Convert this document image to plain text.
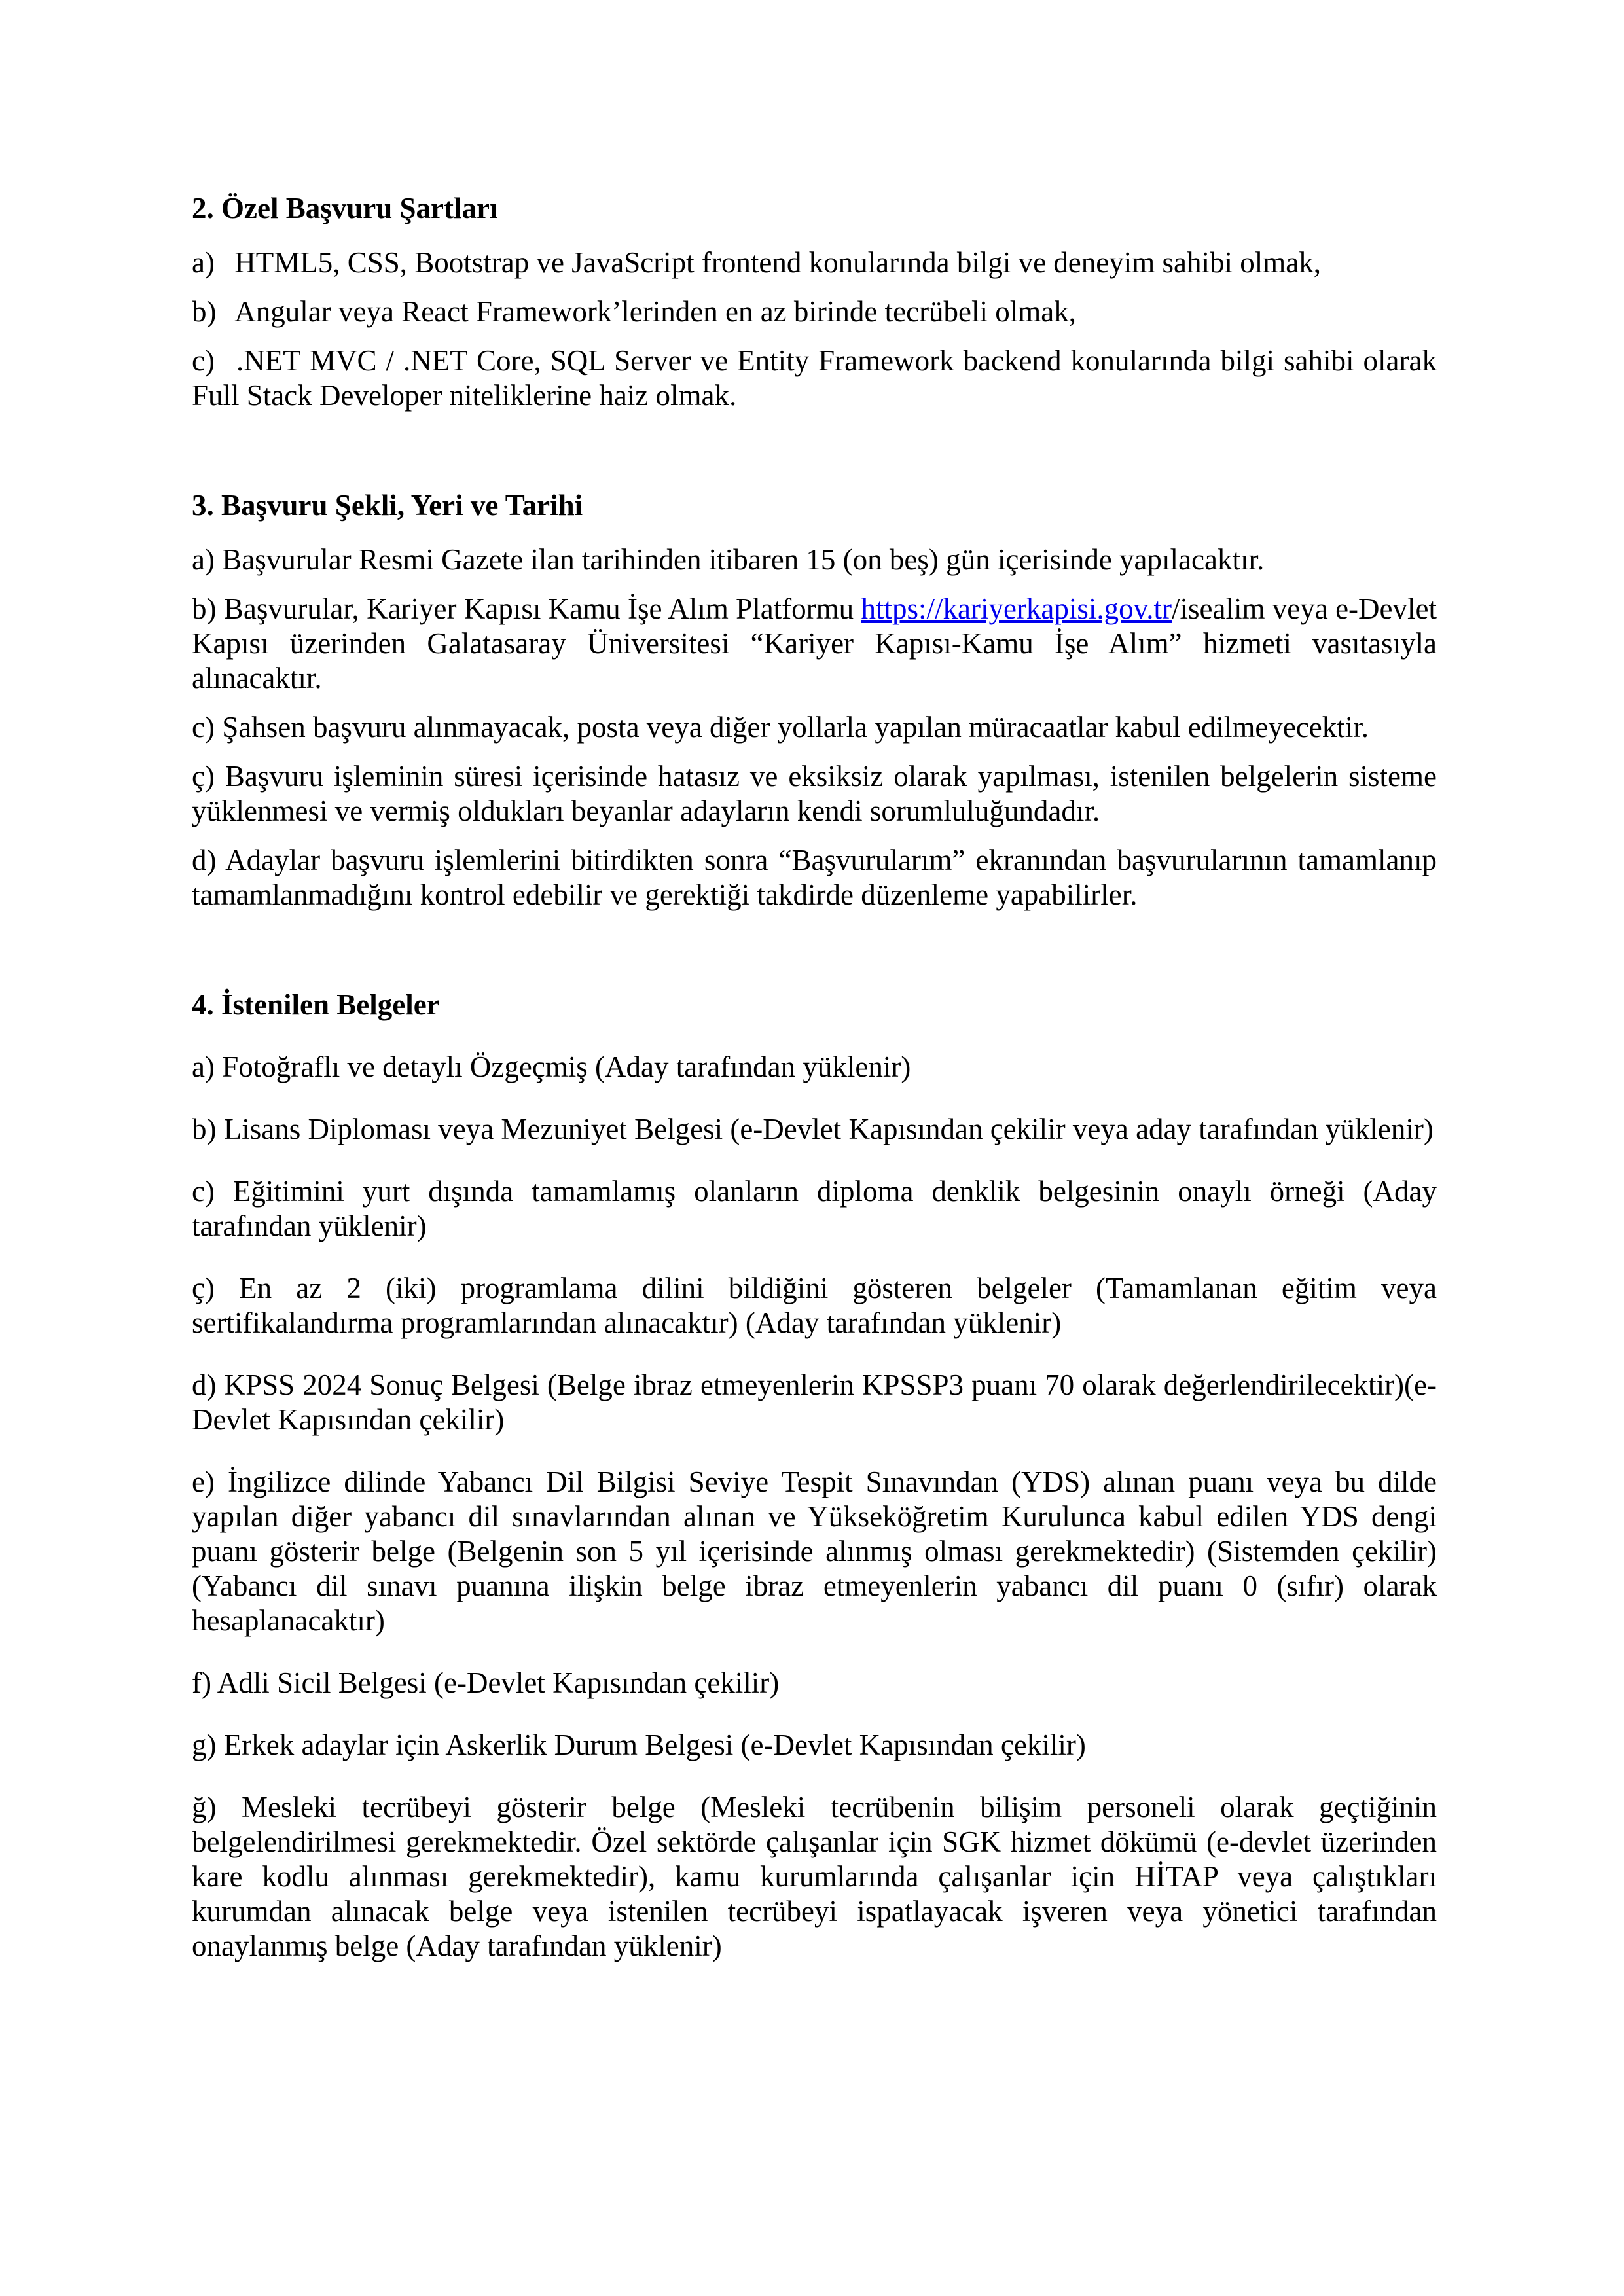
2. Özel Başvuru Şartları

a) HTML5, CSS, Bootstrap ve JavaScript frontend konularında bilgi ve deneyim sahibi olmak,

b) Angular veya React Framework’lerinden en az birinde tecrübeli olmak,

c) .NET MVC / .NET Core, SQL Server ve Entity Framework backend konularında bilgi sahibi olarak Full Stack Developer niteliklerine haiz olmak.

3. Başvuru Şekli, Yeri ve Tarihi

a) Başvurular Resmi Gazete ilan tarihinden itibaren 15 (on beş) gün içerisinde yapılacaktır.

b) Başvurular, Kariyer Kapısı Kamu İşe Alım Platformu https://kariyerkapisi.gov.tr/isealim veya e-Devlet Kapısı üzerinden Galatasaray Üniversitesi “Kariyer Kapısı-Kamu İşe Alım” hizmeti vasıtasıyla alınacaktır.

c) Şahsen başvuru alınmayacak, posta veya diğer yollarla yapılan müracaatlar kabul edilmeyecektir.

ç) Başvuru işleminin süresi içerisinde hatasız ve eksiksiz olarak yapılması, istenilen belgelerin sisteme yüklenmesi ve vermiş oldukları beyanlar adayların kendi sorumluluğundadır.

d) Adaylar başvuru işlemlerini bitirdikten sonra “Başvurularım” ekranından başvurularının tamamlanıp tamamlanmadığını kontrol edebilir ve gerektiği takdirde düzenleme yapabilirler.

4. İstenilen Belgeler

a) Fotoğraflı ve detaylı Özgeçmiş (Aday tarafından yüklenir)

b) Lisans Diploması veya Mezuniyet Belgesi (e-Devlet Kapısından çekilir veya aday tarafından yüklenir)

c) Eğitimini yurt dışında tamamlamış olanların diploma denklik belgesinin onaylı örneği (Aday tarafından yüklenir)

ç) En az 2 (iki) programlama dilini bildiğini gösteren belgeler (Tamamlanan eğitim veya sertifikalandırma programlarından alınacaktır) (Aday tarafından yüklenir)

d) KPSS 2024 Sonuç Belgesi (Belge ibraz etmeyenlerin KPSSP3 puanı 70 olarak değerlendirilecektir)(e-Devlet Kapısından çekilir)

e) İngilizce dilinde Yabancı Dil Bilgisi Seviye Tespit Sınavından (YDS) alınan puanı veya bu dilde yapılan diğer yabancı dil sınavlarından alınan ve Yükseköğretim Kurulunca kabul edilen YDS dengi puanı gösterir belge (Belgenin son 5 yıl içerisinde alınmış olması gerekmektedir) (Sistemden çekilir) (Yabancı dil sınavı puanına ilişkin belge ibraz etmeyenlerin yabancı dil puanı 0 (sıfır) olarak hesaplanacaktır)

f) Adli Sicil Belgesi (e-Devlet Kapısından çekilir)

g) Erkek adaylar için Askerlik Durum Belgesi (e-Devlet Kapısından çekilir)

ğ) Mesleki tecrübeyi gösterir belge (Mesleki tecrübenin bilişim personeli olarak geçtiğinin belgelendirilmesi gerekmektedir. Özel sektörde çalışanlar için SGK hizmet dökümü (e-devlet üzerinden kare kodlu alınması gerekmektedir), kamu kurumlarında çalışanlar için HİTAP veya çalıştıkları kurumdan alınacak belge veya istenilen tecrübeyi ispatlayacak işveren veya yönetici tarafından onaylanmış belge (Aday tarafından yüklenir)
